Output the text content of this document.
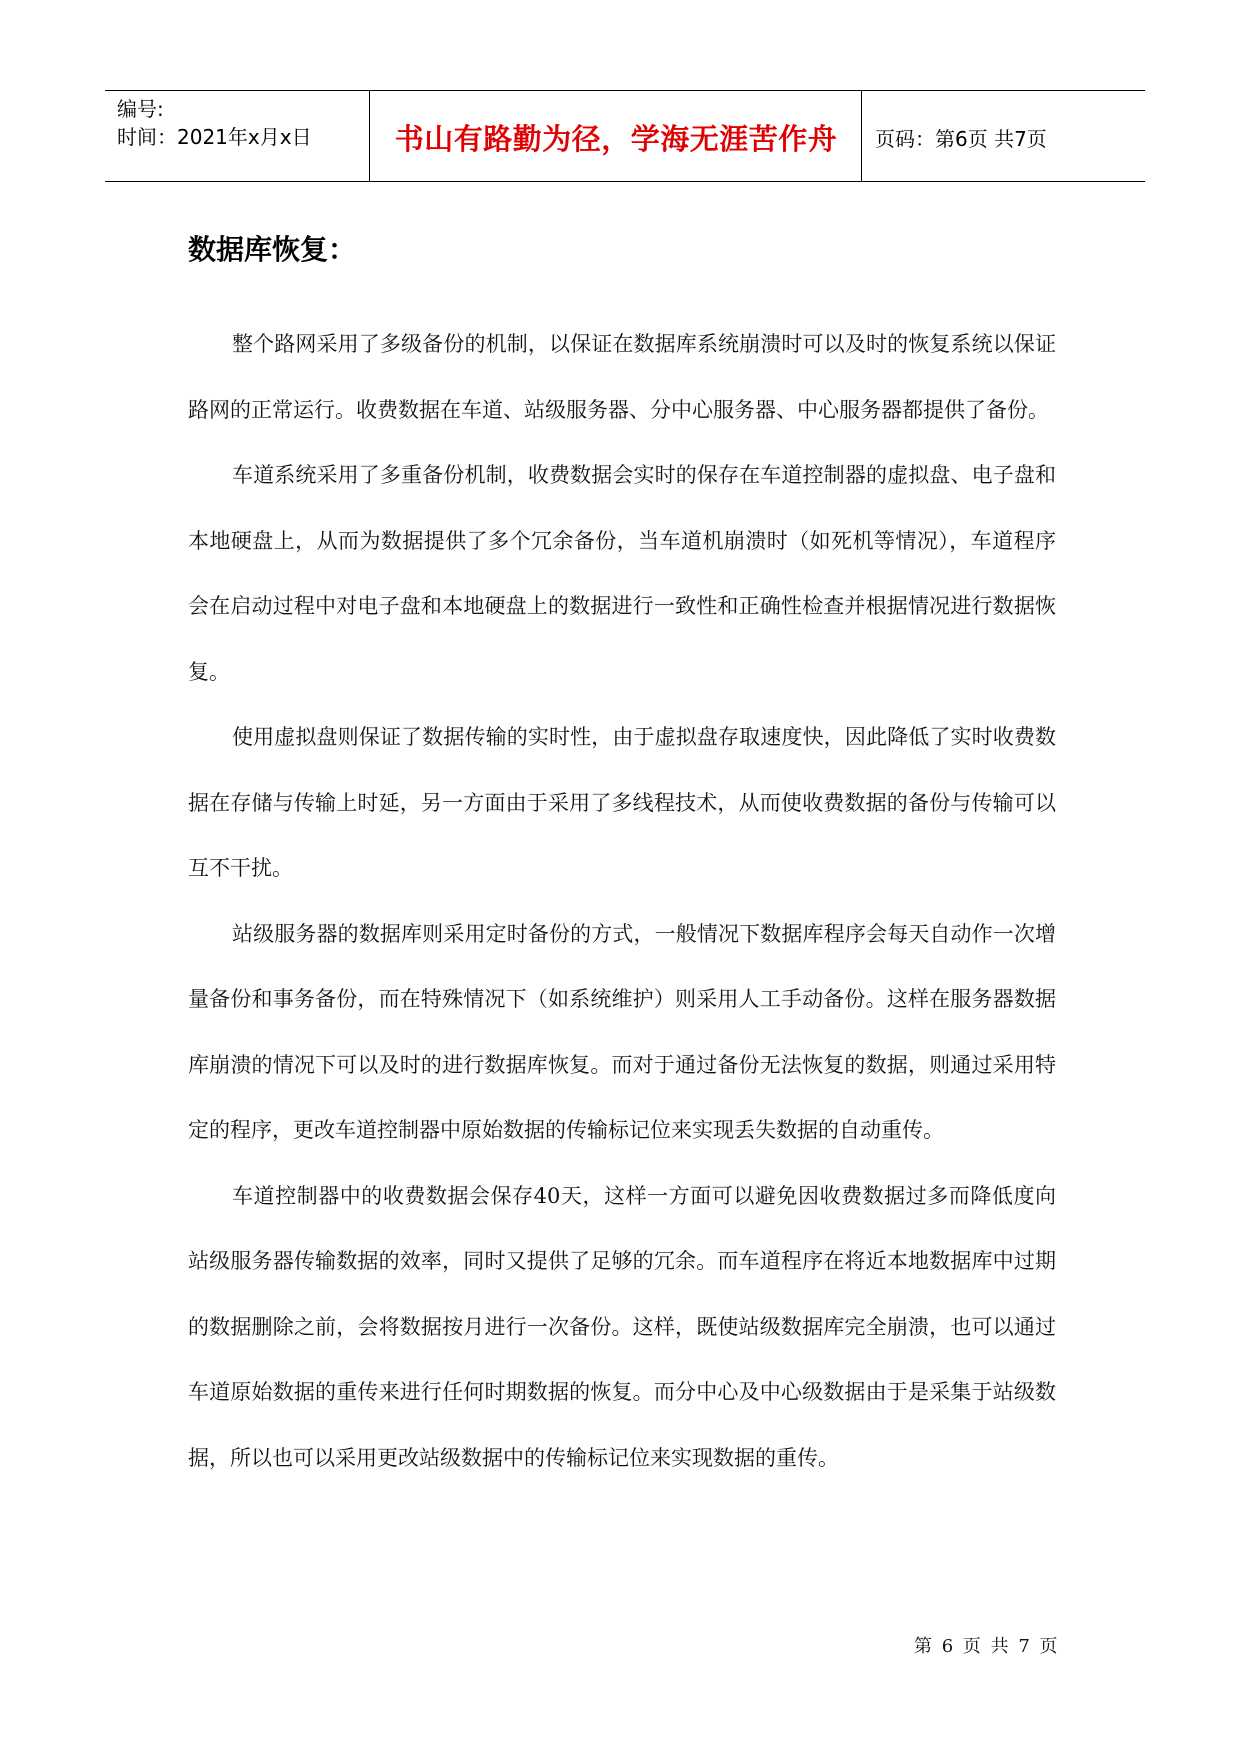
编号:
时间：2021年x月x日	书山有路勤为径，学海无涯苦作舟	页码：第6页 共7页
数据库恢复：

整个路网采用了多级备份的机制，以保证在数据库系统崩溃时可以及时的恢复系统以保证路网的正常运行。收费数据在车道、站级服务器、分中心服务器、中心服务器都提供了备份。

车道系统采用了多重备份机制，收费数据会实时的保存在车道控制器的虚拟盘、电子盘和本地硬盘上，从而为数据提供了多个冗余备份，当车道机崩溃时（如死机等情况），车道程序会在启动过程中对电子盘和本地硬盘上的数据进行一致性和正确性检查并根据情况进行数据恢复。

使用虚拟盘则保证了数据传输的实时性，由于虚拟盘存取速度快，因此降低了实时收费数据在存储与传输上时延，另一方面由于采用了多线程技术，从而使收费数据的备份与传输可以互不干扰。

站级服务器的数据库则采用定时备份的方式，一般情况下数据库程序会每天自动作一次增量备份和事务备份，而在特殊情况下（如系统维护）则采用人工手动备份。这样在服务器数据库崩溃的情况下可以及时的进行数据库恢复。而对于通过备份无法恢复的数据，则通过采用特定的程序，更改车道控制器中原始数据的传输标记位来实现丢失数据的自动重传。

车道控制器中的收费数据会保存40天，这样一方面可以避免因收费数据过多而降低度向站级服务器传输数据的效率，同时又提供了足够的冗余。而车道程序在将近本地数据库中过期的数据删除之前，会将数据按月进行一次备份。这样，既使站级数据库完全崩溃，也可以通过车道原始数据的重传来进行任何时期数据的恢复。而分中心及中心级数据由于是采集于站级数据，所以也可以采用更改站级数据中的传输标记位来实现数据的重传。

第 6 页 共 7 页
